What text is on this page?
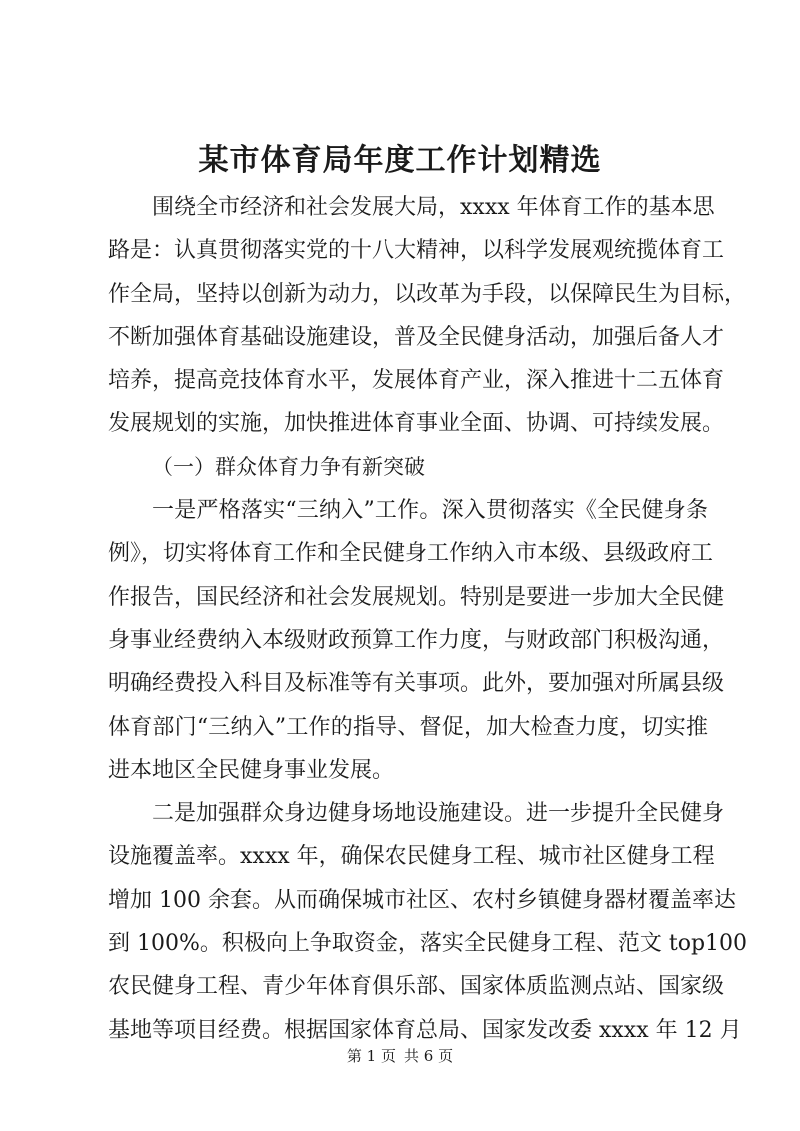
某市体育局年度工作计划精选
围绕全市经济和社会发展大局，xxxx 年体育工作的基本思
路是：认真贯彻落实党的十八大精神，以科学发展观统揽体育工
作全局，坚持以创新为动力，以改革为手段，以保障民生为目标，
不断加强体育基础设施建设，普及全民健身活动，加强后备人才
培养，提高竞技体育水平，发展体育产业，深入推进十二五体育
发展规划的实施，加快推进体育事业全面、协调、可持续发展。
（一）群众体育力争有新突破
一是严格落实“三纳入”工作。深入贯彻落实《全民健身条
例》，切实将体育工作和全民健身工作纳入市本级、县级政府工
作报告，国民经济和社会发展规划。特别是要进一步加大全民健
身事业经费纳入本级财政预算工作力度，与财政部门积极沟通，
明确经费投入科目及标准等有关事项。此外，要加强对所属县级
体育部门“三纳入”工作的指导、督促，加大检查力度，切实推
进本地区全民健身事业发展。
二是加强群众身边健身场地设施建设。进一步提升全民健身
设施覆盖率。xxxx 年，确保农民健身工程、城市社区健身工程
增加 100 余套。从而确保城市社区、农村乡镇健身器材覆盖率达
到 100%。积极向上争取资金，落实全民健身工程、范文 top100
农民健身工程、青少年体育俱乐部、国家体质监测点站、国家级
基地等项目经费。根据国家体育总局、国家发改委 xxxx 年 12 月
第 1 页 共 6 页
